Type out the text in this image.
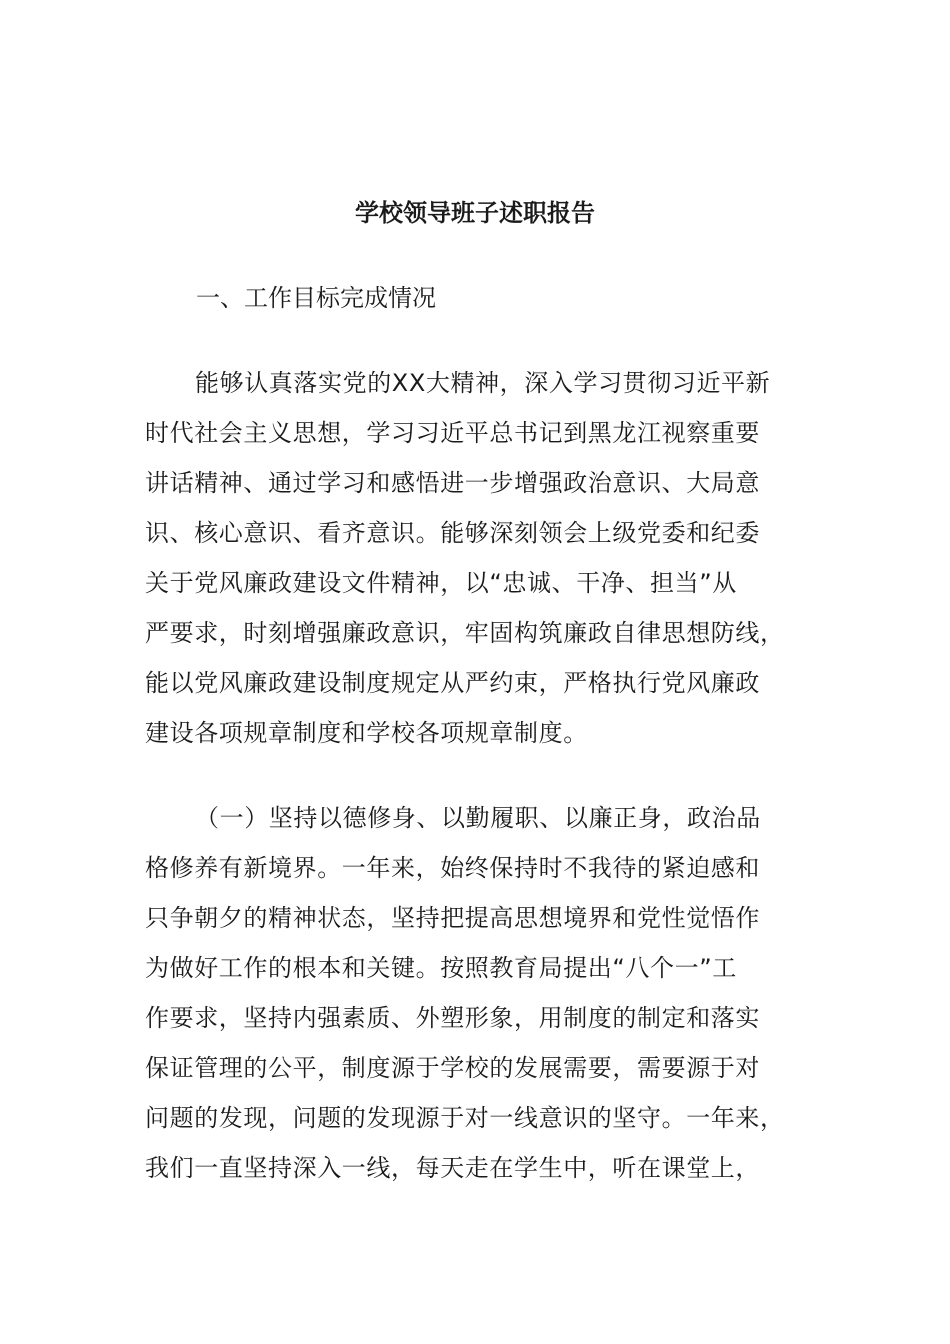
学校领导班子述职报告
一、工作目标完成情况
能够认真落实党的XX大精神，深入学习贯彻习近平新
时代社会主义思想，学习习近平总书记到黑龙江视察重要
讲话精神、通过学习和感悟进一步增强政治意识、大局意
识、核心意识、看齐意识。能够深刻领会上级党委和纪委
关于党风廉政建设文件精神，以“忠诚、干净、担当”从
严要求，时刻增强廉政意识，牢固构筑廉政自律思想防线，
能以党风廉政建设制度规定从严约束，严格执行党风廉政
建设各项规章制度和学校各项规章制度。
（一）坚持以德修身、以勤履职、以廉正身，政治品
格修养有新境界。一年来，始终保持时不我待的紧迫感和
只争朝夕的精神状态，坚持把提高思想境界和党性觉悟作
为做好工作的根本和关键。按照教育局提出“八个一”工
作要求，坚持内强素质、外塑形象，用制度的制定和落实
保证管理的公平，制度源于学校的发展需要，需要源于对
问题的发现，问题的发现源于对一线意识的坚守。一年来，
我们一直坚持深入一线，每天走在学生中，听在课堂上，
